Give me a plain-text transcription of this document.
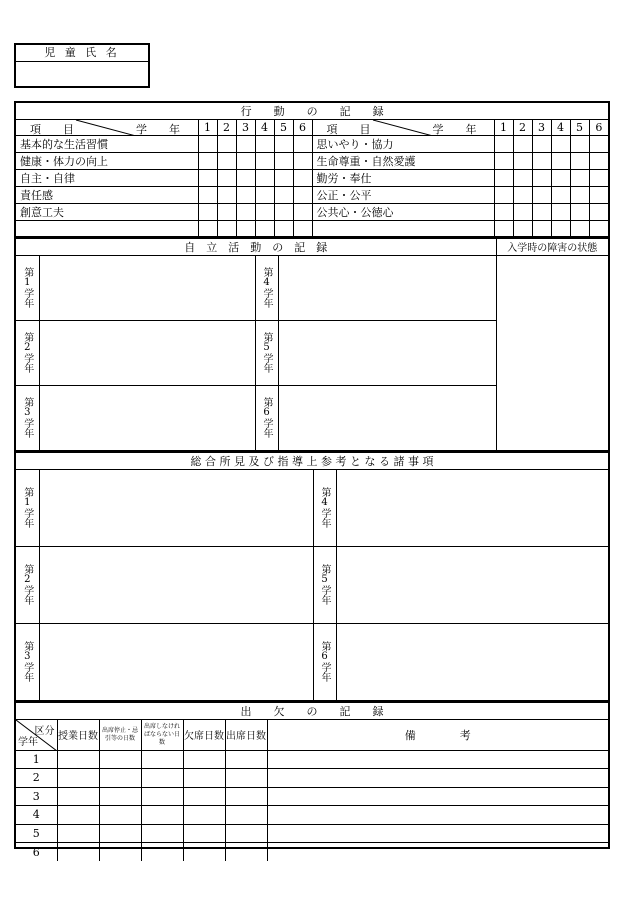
児 童 氏 名
行　　動　　の　　記　　録													

項　　目 学　　年	1	2	3	4	5	6	項　　目 学　　年	1	2	3	4	5	6
基本的な生活習慣							思いやり・協力						
健康・体力の向上							生命尊重・自然愛護						
自主・自律							勤労・奉仕						
責任感							公正・公平						
創意工夫							公共心・公徳心						

自　立　活　動　の　記　録				入学時の障害の状態

第1学年		第4学年		

第2学年		第5学年		

第3学年		第6学年		

総 合 所 見 及 び 指 導 上 参 考 と な る 諸 事 項			

第1学年		第4学年	

第2学年		第5学年	

第3学年		第6学年	

出　　欠　　の　　記　　録						

区分
学年	授業日数	出席停止・忌引等の日数	出席しなければならない日数	欠席日数	出席日数	備　　　　考
1						
2						
3						
4						
5						
6						
